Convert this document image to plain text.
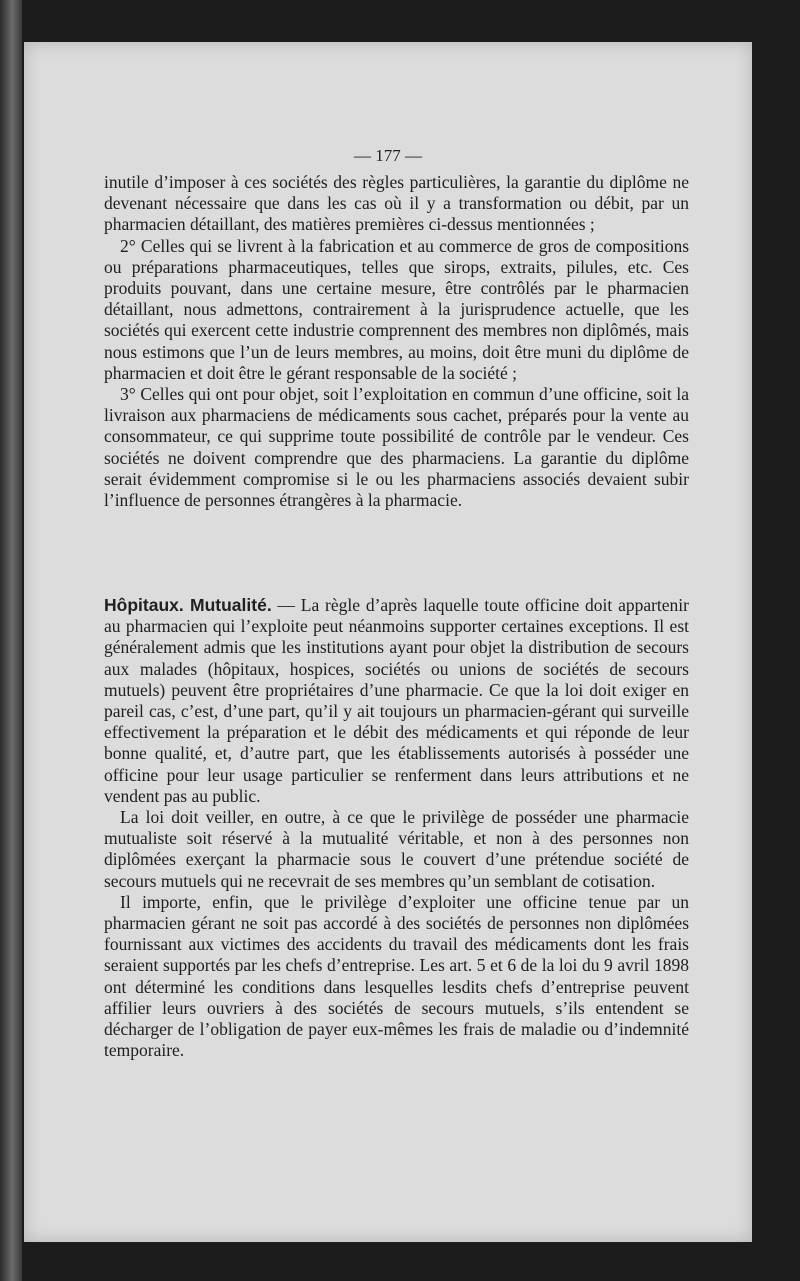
— 177 —

inutile d’imposer à ces sociétés des règles particulières, la garantie du diplôme ne devenant nécessaire que dans les cas où il y a transformation ou débit, par un pharmacien détaillant, des matières premières ci-dessus mentionnées ;

2° Celles qui se livrent à la fabrication et au commerce de gros de compositions ou préparations pharmaceutiques, telles que sirops, extraits, pilules, etc. Ces produits pouvant, dans une certaine mesure, être contrôlés par le pharmacien détaillant, nous admettons, contrairement à la jurisprudence actuelle, que les sociétés qui exercent cette industrie comprennent des membres non diplômés, mais nous estimons que l’un de leurs membres, au moins, doit être muni du diplôme de pharmacien et doit être le gérant responsable de la société ;

3° Celles qui ont pour objet, soit l’exploitation en commun d’une officine, soit la livraison aux pharmaciens de médicaments sous cachet, préparés pour la vente au consommateur, ce qui supprime toute possibilité de contrôle par le vendeur. Ces sociétés ne doivent comprendre que des pharmaciens. La garantie du diplôme serait évidemment compromise si le ou les pharmaciens associés devaient subir l’influence de personnes étrangères à la pharmacie.

Hôpitaux. Mutualité. — La règle d’après laquelle toute officine doit appartenir au pharmacien qui l’exploite peut néanmoins supporter certaines exceptions. Il est généralement admis que les institutions ayant pour objet la distribution de secours aux malades (hôpitaux, hospices, sociétés ou unions de sociétés de secours mutuels) peuvent être propriétaires d’une pharmacie. Ce que la loi doit exiger en pareil cas, c’est, d’une part, qu’il y ait toujours un pharmacien-gérant qui surveille effectivement la préparation et le débit des médicaments et qui réponde de leur bonne qualité, et, d’autre part, que les établissements autorisés à posséder une officine pour leur usage particulier se renferment dans leurs attributions et ne vendent pas au public.

La loi doit veiller, en outre, à ce que le privilège de posséder une pharmacie mutualiste soit réservé à la mutualité véritable, et non à des personnes non diplômées exerçant la pharmacie sous le couvert d’une prétendue société de secours mutuels qui ne recevrait de ses membres qu’un semblant de cotisation.

Il importe, enfin, que le privilège d’exploiter une officine tenue par un pharmacien gérant ne soit pas accordé à des sociétés de personnes non diplômées fournissant aux victimes des accidents du travail des médicaments dont les frais seraient supportés par les chefs d’entreprise. Les art. 5 et 6 de la loi du 9 avril 1898 ont déterminé les conditions dans lesquelles lesdits chefs d’entreprise peuvent affilier leurs ouvriers à des sociétés de secours mutuels, s’ils entendent se décharger de l’obligation de payer eux-mêmes les frais de maladie ou d’indemnité temporaire.
